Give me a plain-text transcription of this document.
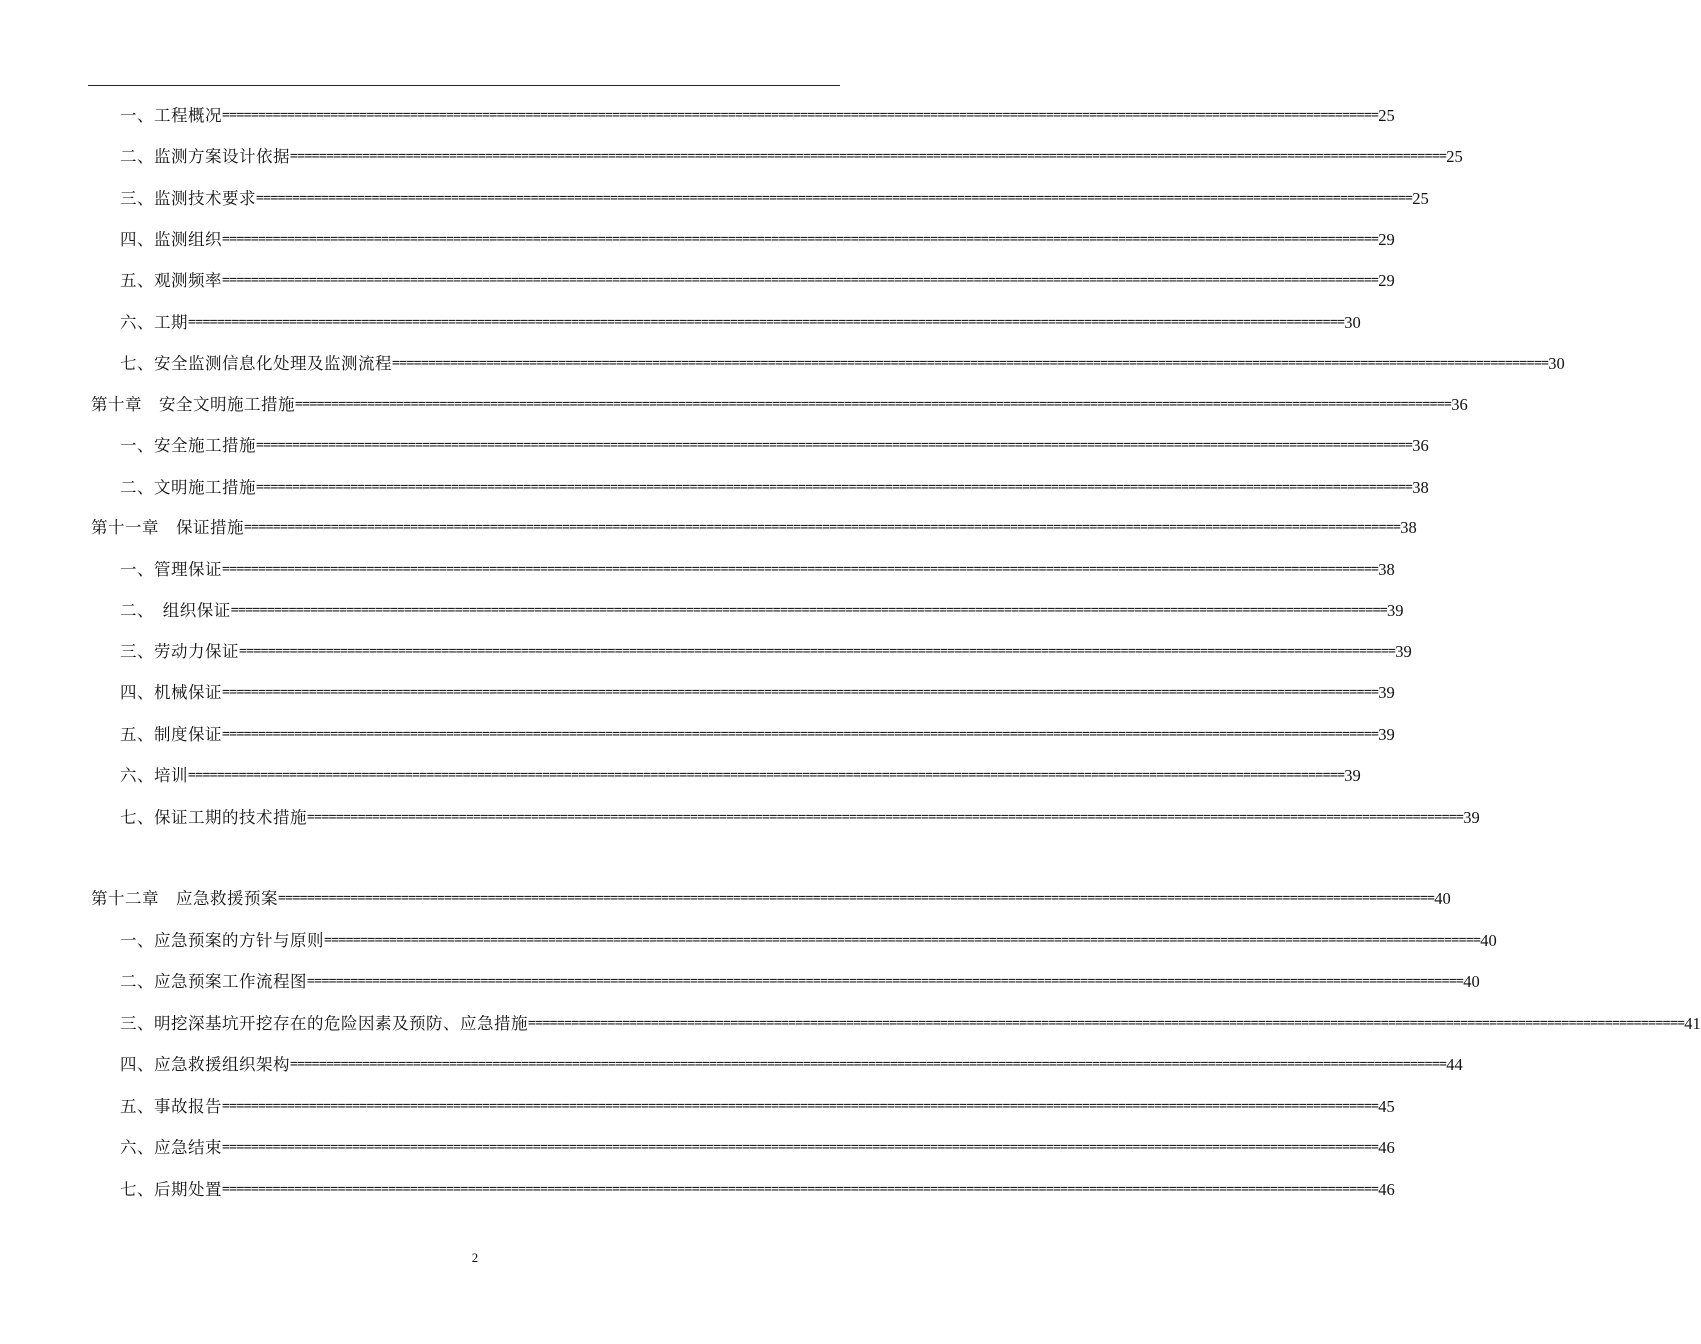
一、工程概况 ================================================================================================================================================================ 25
二、监测方案设计依据 ================================================================================================================================================================ 25
三、监测技术要求 ================================================================================================================================================================ 25
四、监测组织 ================================================================================================================================================================ 29
五、观测频率 ================================================================================================================================================================ 29
六、工期 ================================================================================================================================================================ 30
七、安全监测信息化处理及监测流程 ================================================================================================================================================================ 30
第十章　安全文明施工措施 ================================================================================================================================================================ 36
一、安全施工措施 ================================================================================================================================================================ 36
二、文明施工措施 ================================================================================================================================================================ 38
第十一章　保证措施 ================================================================================================================================================================ 38
一、管理保证 ================================================================================================================================================================ 38
二、　组织保证 ================================================================================================================================================================ 39
三、劳动力保证 ================================================================================================================================================================ 39
四、机械保证 ================================================================================================================================================================ 39
五、制度保证 ================================================================================================================================================================ 39
六、培训 ================================================================================================================================================================ 39
七、保证工期的技术措施 ================================================================================================================================================================ 39
第十二章　应急救援预案 ================================================================================================================================================================ 40
一、应急预案的方针与原则 ================================================================================================================================================================ 40
二、应急预案工作流程图 ================================================================================================================================================================ 40
三、明挖深基坑开挖存在的危险因素及预防、应急措施 ================================================================================================================================================================ 41
四、应急救援组织架构 ================================================================================================================================================================ 44
五、事故报告 ================================================================================================================================================================ 45
六、应急结束 ================================================================================================================================================================ 46
七、后期处置 ================================================================================================================================================================ 46
2
